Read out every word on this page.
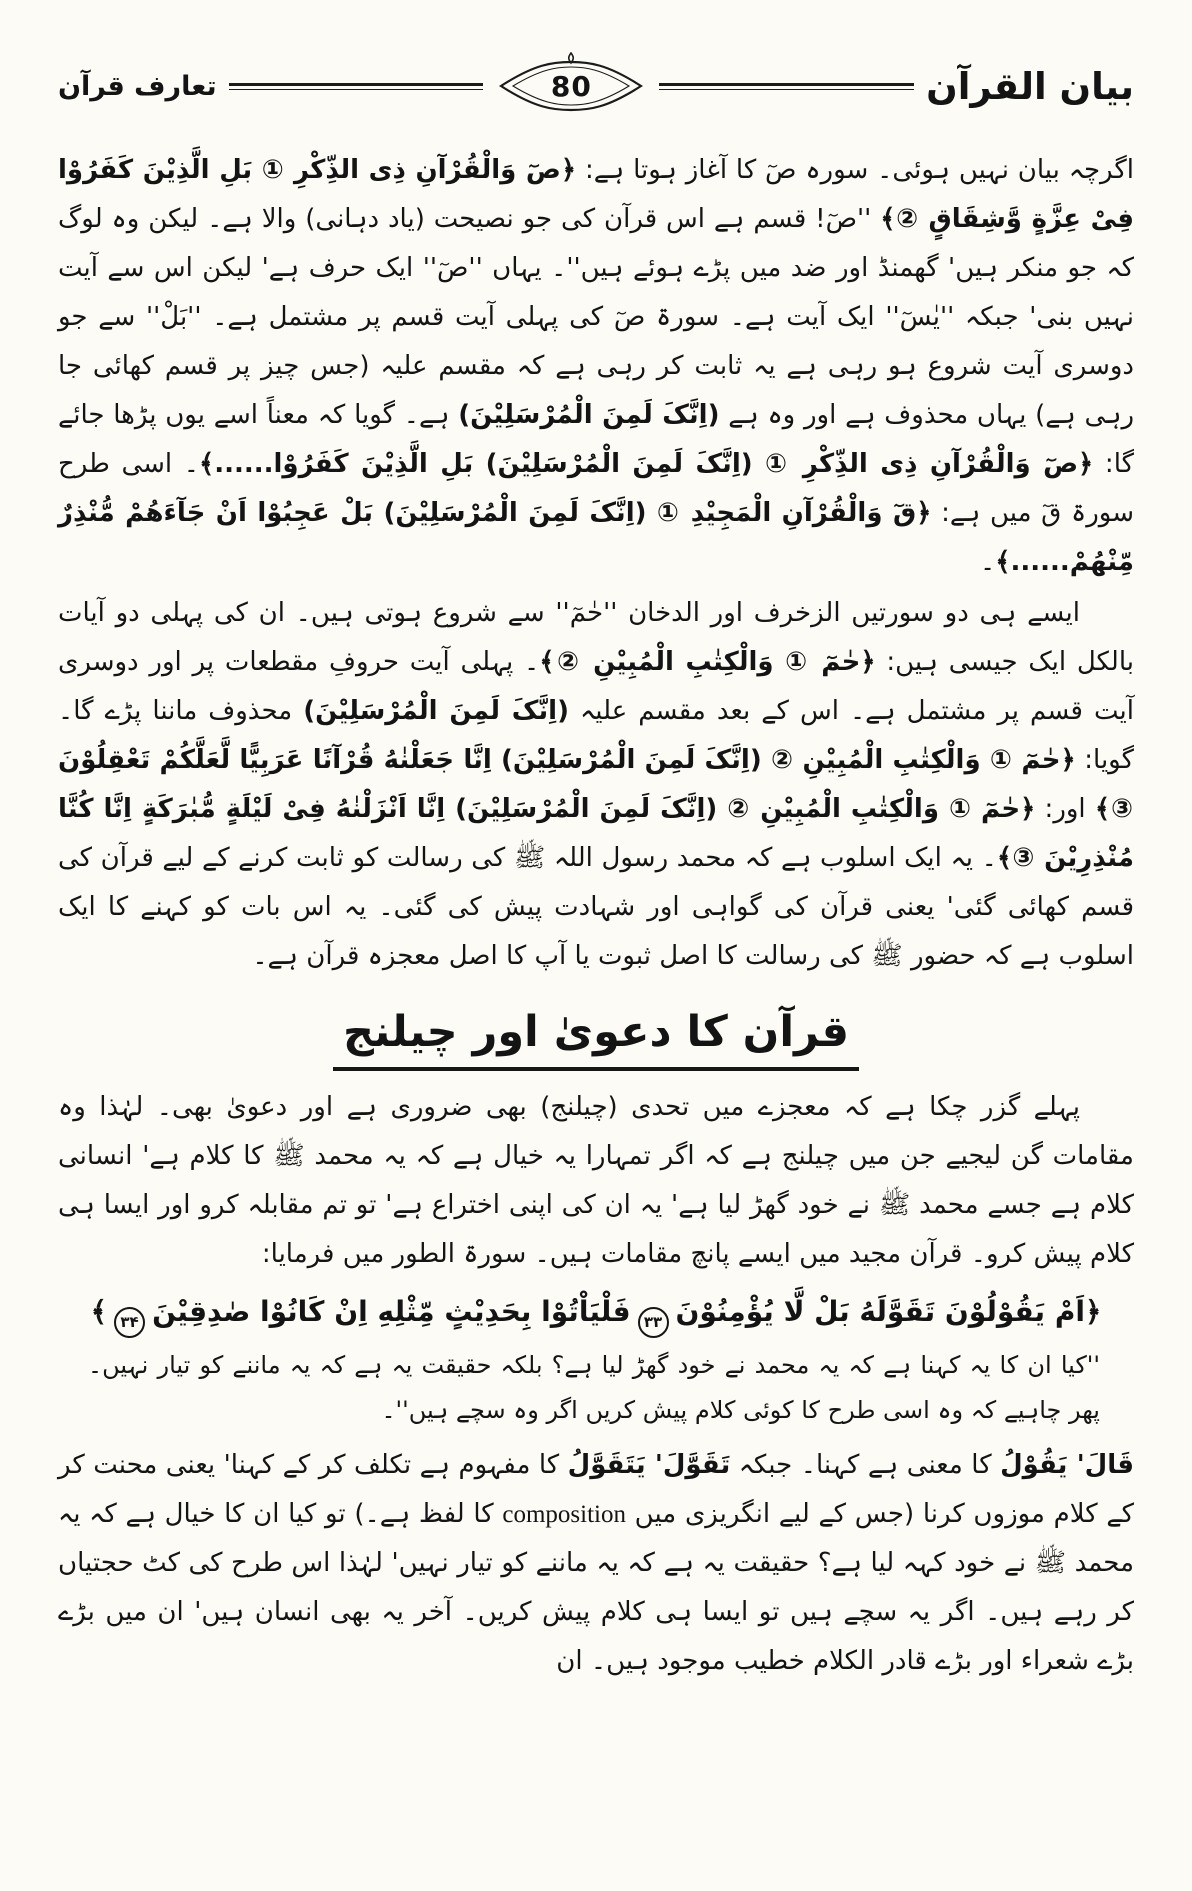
بیان القرآن
80
تعارف قرآن

اگرچہ بیان نہیں ہوئی۔ سورہ صٓ کا آغاز ہوتا ہے: ﴿صٓ وَالْقُرْآنِ ذِی الذِّکْرِ ① بَلِ الَّذِیْنَ کَفَرُوْا فِیْ عِزَّةٍ وَّشِقَاقٍ ②﴾ ''صٓ! قسم ہے اس قرآن کی جو نصیحت (یاد دہانی) والا ہے۔ لیکن وہ لوگ کہ جو منکر ہیں' گھمنڈ اور ضد میں پڑے ہوئے ہیں''۔ یہاں ''صٓ'' ایک حرف ہے' لیکن اس سے آیت نہیں بنی' جبکہ ''یٰسٓ'' ایک آیت ہے۔ سورۃ صٓ کی پہلی آیت قسم پر مشتمل ہے۔ ''بَلْ'' سے جو دوسری آیت شروع ہو رہی ہے یہ ثابت کر رہی ہے کہ مقسم علیہ (جس چیز پر قسم کھائی جا رہی ہے) یہاں محذوف ہے اور وہ ہے (اِنَّکَ لَمِنَ الْمُرْسَلِیْنَ) ہے۔ گویا کہ معناً اسے یوں پڑھا جائے گا: ﴿صٓ وَالْقُرْآنِ ذِی الذِّکْرِ ① (اِنَّکَ لَمِنَ الْمُرْسَلِیْنَ) بَلِ الَّذِیْنَ کَفَرُوْا......﴾۔ اسی طرح سورۃ قٓ میں ہے: ﴿قٓ وَالْقُرْآنِ الْمَجِیْدِ ① (اِنَّکَ لَمِنَ الْمُرْسَلِیْنَ) بَلْ عَجِبُوْا اَنْ جَآءَهُمْ مُّنْذِرٌ مِّنْهُمْ......﴾۔

ایسے ہی دو سورتیں الزخرف اور الدخان ''حٰمٓ'' سے شروع ہوتی ہیں۔ ان کی پہلی دو آیات بالکل ایک جیسی ہیں: ﴿حٰمٓ ① وَالْکِتٰبِ الْمُبِیْنِ ②﴾۔ پہلی آیت حروفِ مقطعات پر اور دوسری آیت قسم پر مشتمل ہے۔ اس کے بعد مقسم علیہ (اِنَّکَ لَمِنَ الْمُرْسَلِیْنَ) محذوف ماننا پڑے گا۔ گویا: ﴿حٰمٓ ① وَالْکِتٰبِ الْمُبِیْنِ ② (اِنَّکَ لَمِنَ الْمُرْسَلِیْنَ) اِنَّا جَعَلْنٰهُ قُرْآنًا عَرَبِیًّا لَّعَلَّکُمْ تَعْقِلُوْنَ ③﴾ اور: ﴿حٰمٓ ① وَالْکِتٰبِ الْمُبِیْنِ ② (اِنَّکَ لَمِنَ الْمُرْسَلِیْنَ) اِنَّا اَنْزَلْنٰهُ فِیْ لَیْلَةٍ مُّبٰرَکَةٍ اِنَّا کُنَّا مُنْذِرِیْنَ ③﴾۔ یہ ایک اسلوب ہے کہ محمد رسول اللہ ﷺ کی رسالت کو ثابت کرنے کے لیے قرآن کی قسم کھائی گئی' یعنی قرآن کی گواہی اور شہادت پیش کی گئی۔ یہ اس بات کو کہنے کا ایک اسلوب ہے کہ حضور ﷺ کی رسالت کا اصل ثبوت یا آپ کا اصل معجزہ قرآن ہے۔

قرآن کا دعویٰ اور چیلنج

پہلے گزر چکا ہے کہ معجزے میں تحدی (چیلنج) بھی ضروری ہے اور دعویٰ بھی۔ لہٰذا وہ مقامات گن لیجیے جن میں چیلنج ہے کہ اگر تمہارا یہ خیال ہے کہ یہ محمد ﷺ کا کلام ہے' انسانی کلام ہے جسے محمد ﷺ نے خود گھڑ لیا ہے' یہ ان کی اپنی اختراع ہے' تو تم مقابلہ کرو اور ایسا ہی کلام پیش کرو۔ قرآن مجید میں ایسے پانچ مقامات ہیں۔ سورۃ الطور میں فرمایا:

﴿اَمْ یَقُوْلُوْنَ تَقَوَّلَهُ بَلْ لَّا یُؤْمِنُوْنَ۳۳فَلْیَاْتُوْا بِحَدِیْثٍ مِّثْلِهِ اِنْ کَانُوْا صٰدِقِیْنَ۳۴﴾

''کیا ان کا یہ کہنا ہے کہ یہ محمد نے خود گھڑ لیا ہے؟ بلکہ حقیقت یہ ہے کہ یہ ماننے کو تیار نہیں۔ پھر چاہیے کہ وہ اسی طرح کا کوئی کلام پیش کریں اگر وہ سچے ہیں''۔

قَالَ' یَقُوْلُ کا معنی ہے کہنا۔ جبکہ تَقَوَّلَ' یَتَقَوَّلُ کا مفہوم ہے تکلف کر کے کہنا' یعنی محنت کر کے کلام موزوں کرنا (جس کے لیے انگریزی میں composition کا لفظ ہے۔) تو کیا ان کا خیال ہے کہ یہ محمد ﷺ نے خود کہہ لیا ہے؟ حقیقت یہ ہے کہ یہ ماننے کو تیار نہیں' لہٰذا اس طرح کی کٹ حجتیاں کر رہے ہیں۔ اگر یہ سچے ہیں تو ایسا ہی کلام پیش کریں۔ آخر یہ بھی انسان ہیں' ان میں بڑے بڑے شعراء اور بڑے قادر الکلام خطیب موجود ہیں۔ ان
